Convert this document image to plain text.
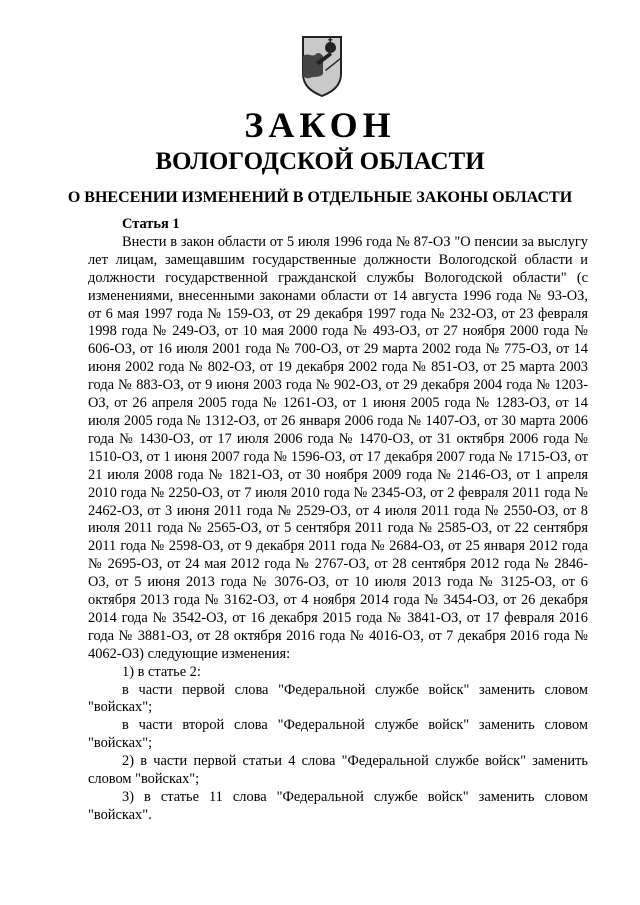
ЗАКОН
ВОЛОГОДСКОЙ ОБЛАСТИ
О ВНЕСЕНИИ ИЗМЕНЕНИЙ В ОТДЕЛЬНЫЕ ЗАКОНЫ ОБЛАСТИ

Статья 1

Внести в закон области от 5 июля 1996 года № 87-ОЗ "О пенсии за выслугу лет лицам, замещавшим государственные должности Вологодской области и должности государственной гражданской службы Вологодской области" (с изменениями, внесенными законами области от 14 августа 1996 года № 93-ОЗ, от 6 мая 1997 года № 159-ОЗ, от 29 декабря 1997 года № 232-ОЗ, от 23 февраля 1998 года № 249-ОЗ, от 10 мая 2000 года № 493-ОЗ, от 27 ноября 2000 года № 606-ОЗ, от 16 июля 2001 года № 700-ОЗ, от 29 марта 2002 года № 775-ОЗ, от 14 июня 2002 года № 802-ОЗ, от 19 декабря 2002 года № 851-ОЗ, от 25 марта 2003 года № 883-ОЗ, от 9 июня 2003 года № 902-ОЗ, от 29 декабря 2004 года № 1203-ОЗ, от 26 апреля 2005 года № 1261-ОЗ, от 1 июня 2005 года № 1283-ОЗ, от 14 июля 2005 года № 1312-ОЗ, от 26 января 2006 года № 1407-ОЗ, от 30 марта 2006 года № 1430-ОЗ, от 17 июля 2006 года № 1470-ОЗ, от 31 октября 2006 года № 1510-ОЗ, от 1 июня 2007 года № 1596-ОЗ, от 17 декабря 2007 года № 1715-ОЗ, от 21 июля 2008 года № 1821-ОЗ, от 30 ноября 2009 года № 2146-ОЗ, от 1 апреля 2010 года № 2250-ОЗ, от 7 июля 2010 года № 2345-ОЗ, от 2 февраля 2011 года № 2462-ОЗ, от 3 июня 2011 года № 2529-ОЗ, от 4 июля 2011 года № 2550-ОЗ, от 8 июля 2011 года № 2565-ОЗ, от 5 сентября 2011 года № 2585-ОЗ, от 22 сентября 2011 года № 2598-ОЗ, от 9 декабря 2011 года № 2684-ОЗ, от 25 января 2012 года № 2695-ОЗ, от 24 мая 2012 года № 2767-ОЗ, от 28 сентября 2012 года № 2846-ОЗ, от 5 июня 2013 года № 3076-ОЗ, от 10 июля 2013 года № 3125-ОЗ, от 6 октября 2013 года № 3162-ОЗ, от 4 ноября 2014 года № 3454-ОЗ, от 26 декабря 2014 года № 3542-ОЗ, от 16 декабря 2015 года № 3841-ОЗ, от 17 февраля 2016 года № 3881-ОЗ, от 28 октября 2016 года № 4016-ОЗ, от 7 декабря 2016 года № 4062-ОЗ) следующие изменения:

1) в статье 2:

в части первой слова "Федеральной службе войск" заменить словом "войсках";

в части второй слова "Федеральной службе войск" заменить словом "войсках";

2) в части первой статьи 4 слова "Федеральной службе войск" заменить словом "войсках";

3) в статье 11 слова "Федеральной службе войск" заменить словом "войсках".
